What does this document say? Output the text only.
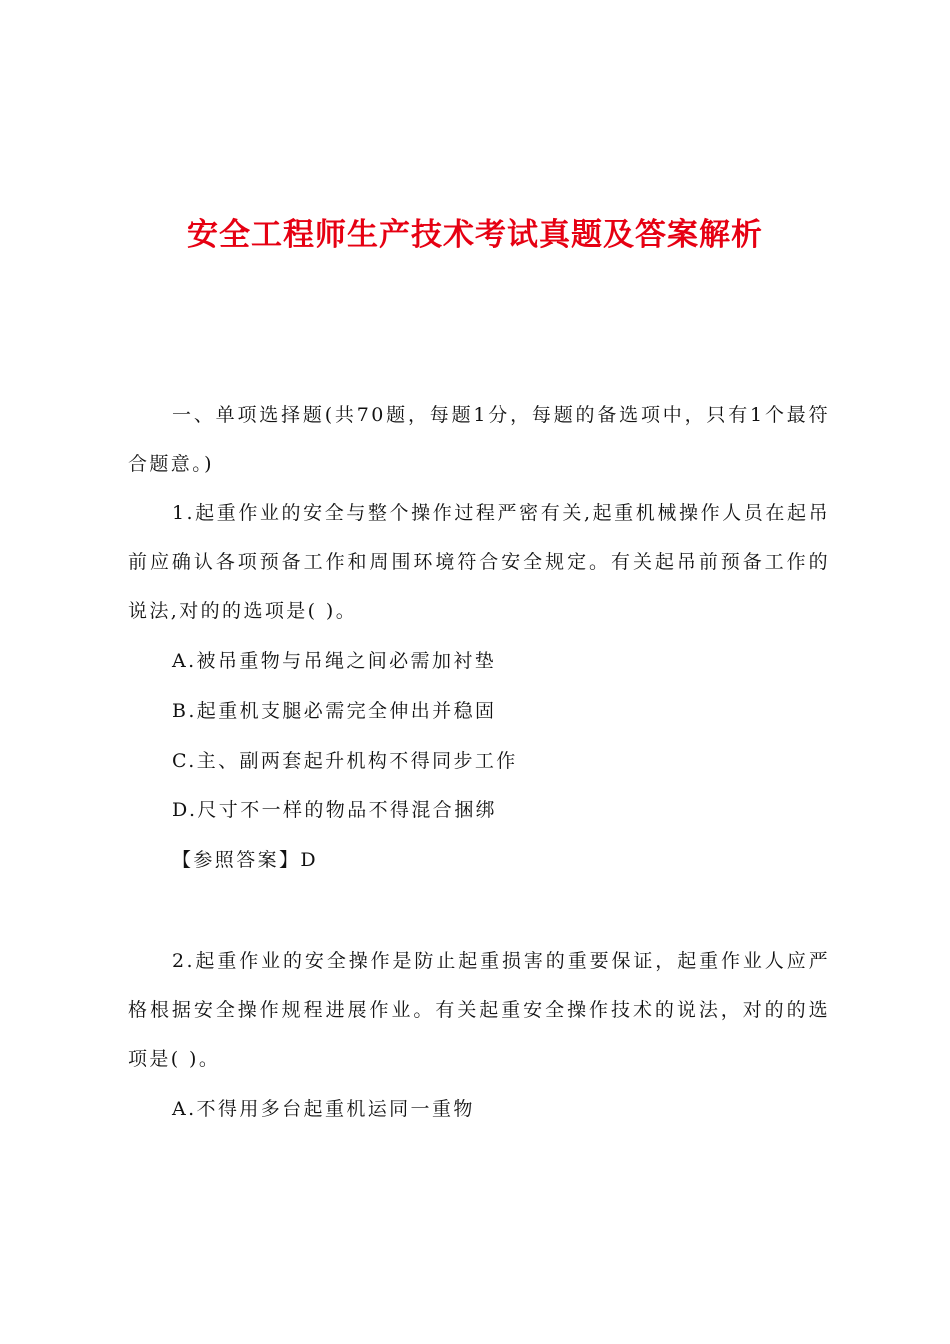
安全工程师生产技术考试真题及答案解析

一、单项选择题(共70题，每题1分，每题的备选项中，只有1个最符合题意。)

1.起重作业的安全与整个操作过程严密有关,起重机械操作人员在起吊前应确认各项预备工作和周围环境符合安全规定。有关起吊前预备工作的说法,对的的选项是( )。

A.被吊重物与吊绳之间必需加衬垫

B.起重机支腿必需完全伸出并稳固

C.主、副两套起升机构不得同步工作

D.尺寸不一样的物品不得混合捆绑

【参照答案】D

2.起重作业的安全操作是防止起重损害的重要保证，起重作业人应严格根据安全操作规程进展作业。有关起重安全操作技术的说法，对的的选项是( )。

A.不得用多台起重机运同一重物
